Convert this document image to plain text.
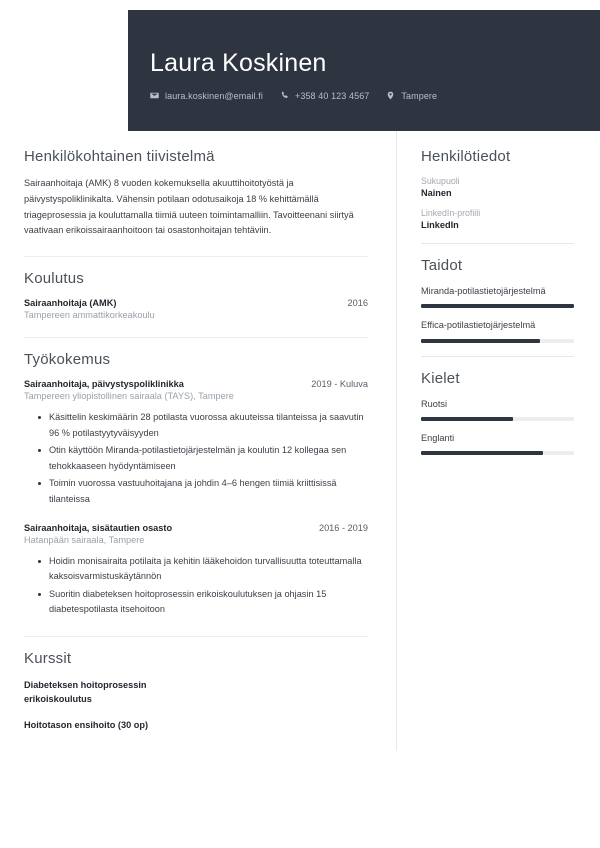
Laura Koskinen
laura.koskinen@email.fi	+358 40 123 4567	Tampere
Henkilökohtainen tiivistelmä
Sairaanhoitaja (AMK) 8 vuoden kokemuksella akuuttihoitotyöstä ja päivystyspoliklinikalta. Vähensin potilaan odotusaikoja 18 % kehittämällä triageprosessia ja kouluttamalla tiimiä uuteen toimintamalliin. Tavoitteenani siirtyä vaativaan erikoissairaanhoitoon tai osastonhoitajan tehtäviin.
Koulutus
Sairaanhoitaja (AMK)	2016
Tampereen ammattikorkeakoulu
Työkokemus
Sairaanhoitaja, päivystyspoliklinikka	2019 - Kuluva
Tampereen yliopistollinen sairaala (TAYS), Tampere
Käsittelin keskimäärin 28 potilasta vuorossa akuuteissa tilanteissa ja saavutin 96 % potilastyytyväisyyden
Otin käyttöön Miranda-potilastietojärjestelmän ja koulutin 12 kollegaa sen tehokkaaseen hyödyntämiseen
Toimin vuorossa vastuuhoitajana ja johdin 4–6 hengen tiimiä kriittisissä tilanteissa
Sairaanhoitaja, sisätautien osasto	2016 - 2019
Hatanpään sairaala, Tampere
Hoidin monisairaita potilaita ja kehitin lääkehoidon turvallisuutta toteuttamalla kaksoisvarmistuskäytännön
Suoritin diabeteksen hoitoprosessin erikoiskoulutuksen ja ohjasin 15 diabetespotilasta itsehoitoon
Kurssit
Diabeteksen hoitoprosessin erikoiskoulutus
Hoitotason ensihoito (30 op)
Henkilötiedot
Sukupuoli
Nainen
LinkedIn-profiili
LinkedIn
Taidot
Miranda-potilastietojärjestelmä
Effica-potilastietojärjestelmä
Kielet
Ruotsi
Englanti
